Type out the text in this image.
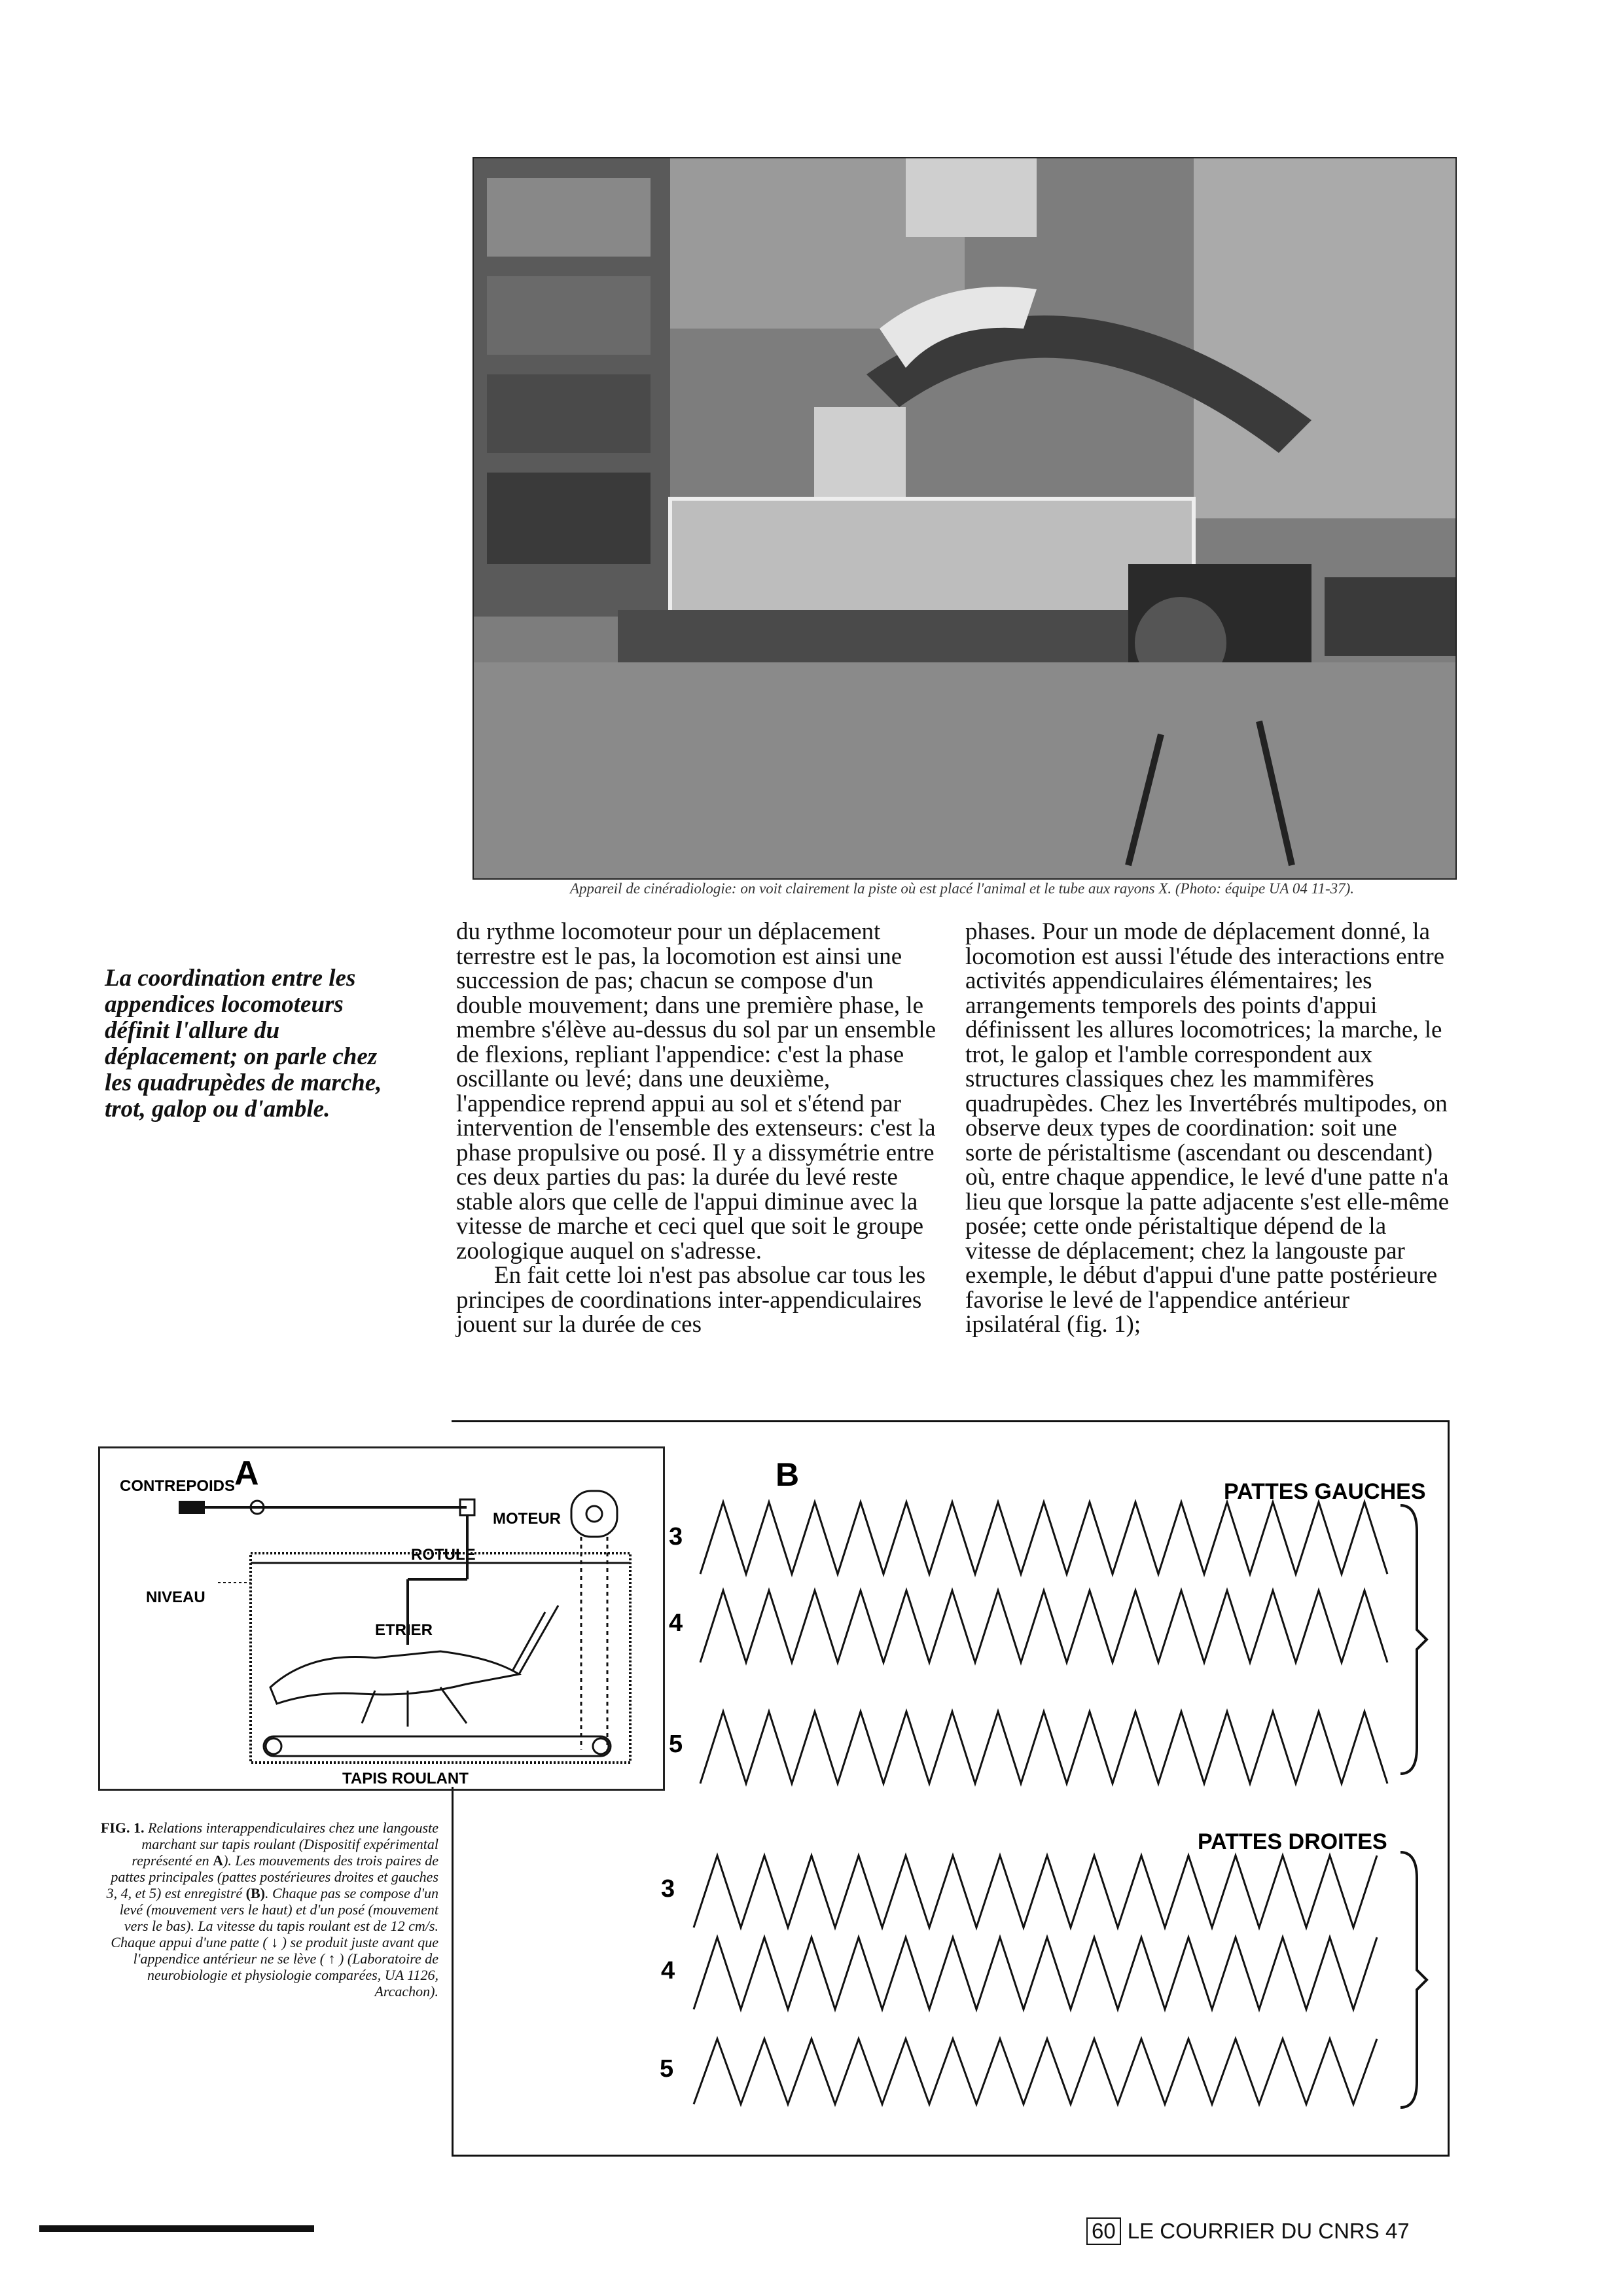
Appareil de cinéradiologie: on voit clairement la piste où est placé l'animal et le tube aux rayons X. (Photo: équipe UA 04 11-37).
La coordination entre les appendices locomoteurs définit l'allure du déplacement; on parle chez les quadrupèdes de marche, trot, galop ou d'amble.

du rythme locomoteur pour un déplacement terrestre est le pas, la locomotion est ainsi une succession de pas; chacun se compose d'un double mouvement; dans une première phase, le membre s'élève au-dessus du sol par un ensemble de flexions, repliant l'appendice: c'est la phase oscillante ou levé; dans une deuxième, l'appendice reprend appui au sol et s'étend par intervention de l'ensemble des extenseurs: c'est la phase propulsive ou posé. Il y a dissymétrie entre ces deux parties du pas: la durée du levé reste stable alors que celle de l'appui diminue avec la vitesse de marche et ceci quel que soit le groupe zoologique auquel on s'adresse.

En fait cette loi n'est pas absolue car tous les principes de coordinations inter-appendiculaires jouent sur la durée de ces

phases. Pour un mode de déplacement donné, la locomotion est aussi l'étude des interactions entre activités appendiculaires élémentaires; les arrangements temporels des points d'appui définissent les allures locomotrices; la marche, le trot, le galop et l'amble correspondent aux structures classiques chez les mammifères quadrupèdes. Chez les Invertébrés multipodes, on observe deux types de coordination: soit une sorte de péristaltisme (ascendant ou descendant) où, entre chaque appendice, le levé d'une patte n'a lieu que lorsque la patte adjacente s'est elle-même posée; cette onde péristaltique dépend de la vitesse de déplacement; chez la langouste par exemple, le début d'appui d'une patte postérieure favorise le levé de l'appendice antérieur ipsilatéral (fig. 1);

A
CONTREPOIDS
MOTEUR
ROTULE
NIVEAU
ETRIER
TAPIS ROULANT
B	PATTES GAUCHES
PATTES DROITES
3
4
5
3
4
5
FIG. 1. Relations interappendiculaires chez une langouste marchant sur tapis roulant (Dispositif expérimental représenté en A). Les mouvements des trois paires de pattes principales (pattes postérieures droites et gauches 3, 4, et 5) est enregistré (B). Chaque pas se compose d'un levé (mouvement vers le haut) et d'un posé (mouvement vers le bas). La vitesse du tapis roulant est de 12 cm/s. Chaque appui d'une patte ( ↓ ) se produit juste avant que l'appendice antérieur ne se lève ( ↑ ) (Laboratoire de neurobiologie et physiologie comparées, UA 1126, Arcachon).
60 LE COURRIER DU CNRS 47
